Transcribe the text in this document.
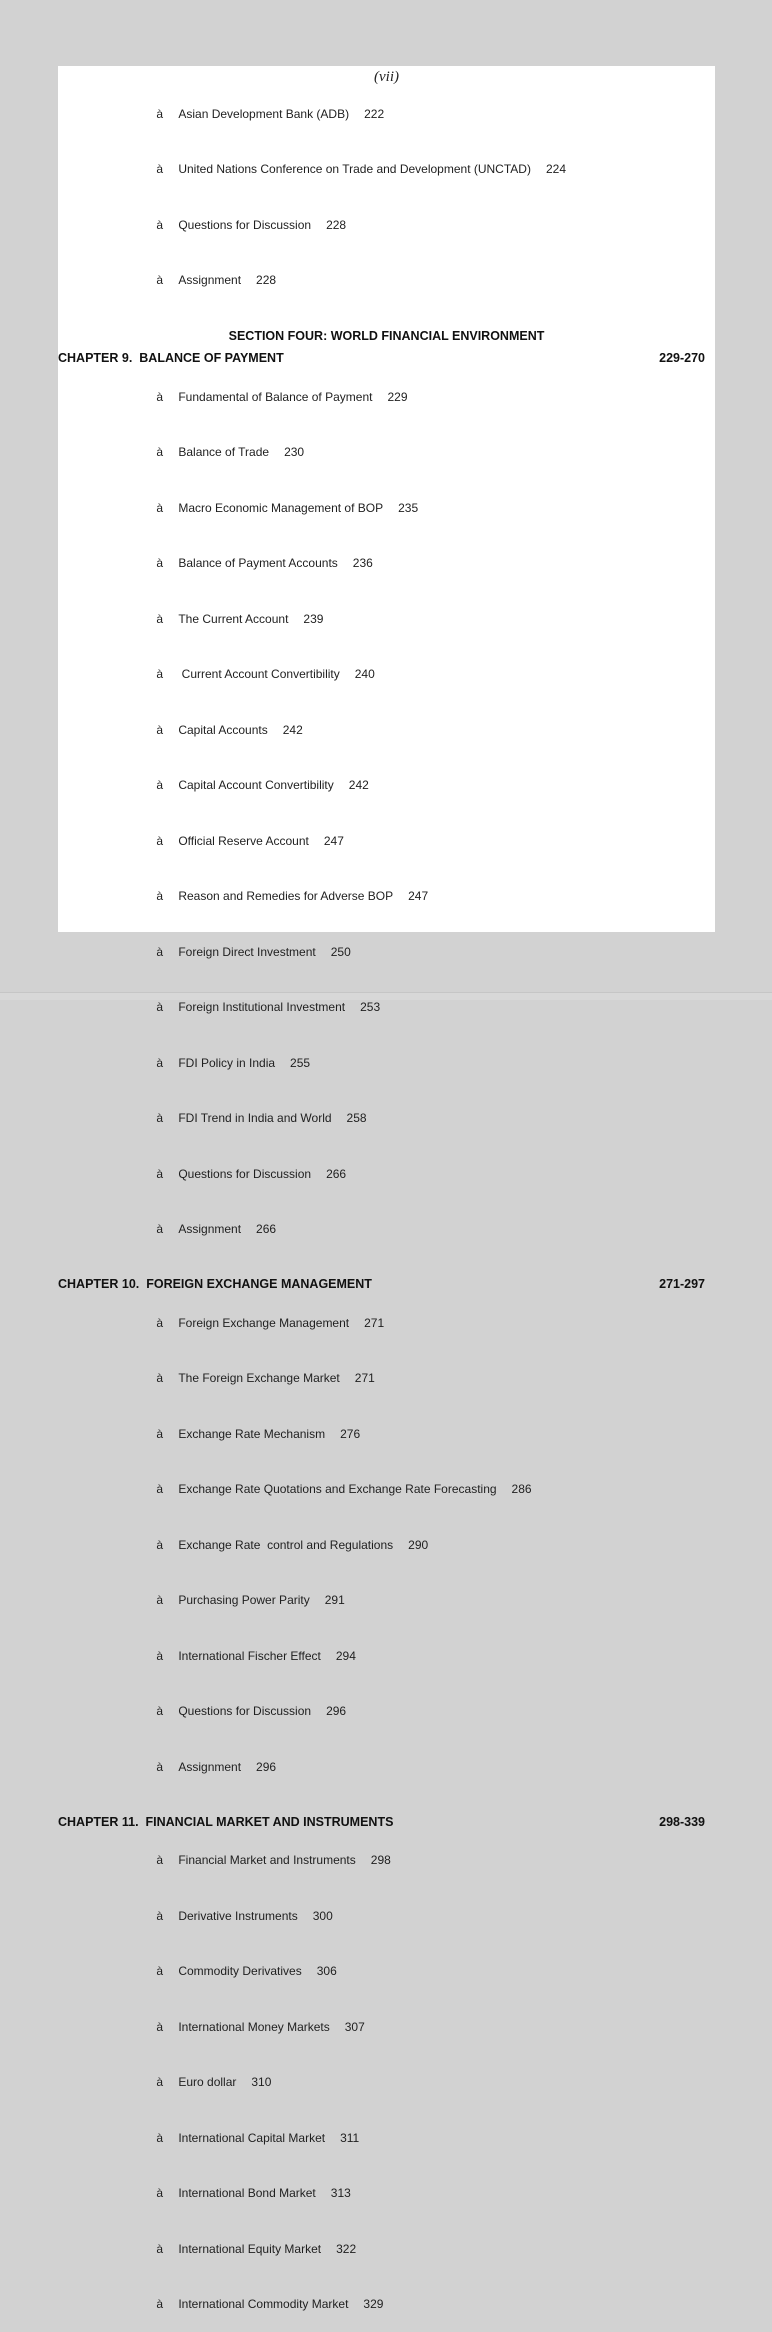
(vii)

à Asian Development Bank (ADB) 222

à United Nations Conference on Trade and Development (UNCTAD) 224

à Questions for Discussion 228

à Assignment 228

SECTION FOUR: WORLD FINANCIAL ENVIRONMENT
CHAPTER 9.  BALANCE OF PAYMENT	229-270

à Fundamental of Balance of Payment 229

à Balance of Trade 230

à Macro Economic Management of BOP 235

à Balance of Payment Accounts 236

à The Current Account 239

à Current Account Convertibility 240

à Capital Accounts 242

à Capital Account Convertibility 242

à Official Reserve Account 247

à Reason and Remedies for Adverse BOP 247

à Foreign Direct Investment 250

à Foreign Institutional Investment 253

à FDI Policy in India 255

à FDI Trend in India and World 258

à Questions for Discussion 266

à Assignment 266

CHAPTER 10.  FOREIGN EXCHANGE MANAGEMENT	271-297

à Foreign Exchange Management 271

à The Foreign Exchange Market 271

à Exchange Rate Mechanism 276

à Exchange Rate Quotations and Exchange Rate Forecasting 286

à Exchange Rate  control and Regulations 290

à Purchasing Power Parity 291

à International Fischer Effect 294

à Questions for Discussion 296

à Assignment 296

CHAPTER 11.  FINANCIAL MARKET AND INSTRUMENTS	298-339

à Financial Market and Instruments 298

à Derivative Instruments 300

à Commodity Derivatives 306

à International Money Markets 307

à Euro dollar 310

à International Capital Market 311

à International Bond Market 313

à International Equity Market 322

à International Commodity Market 329
